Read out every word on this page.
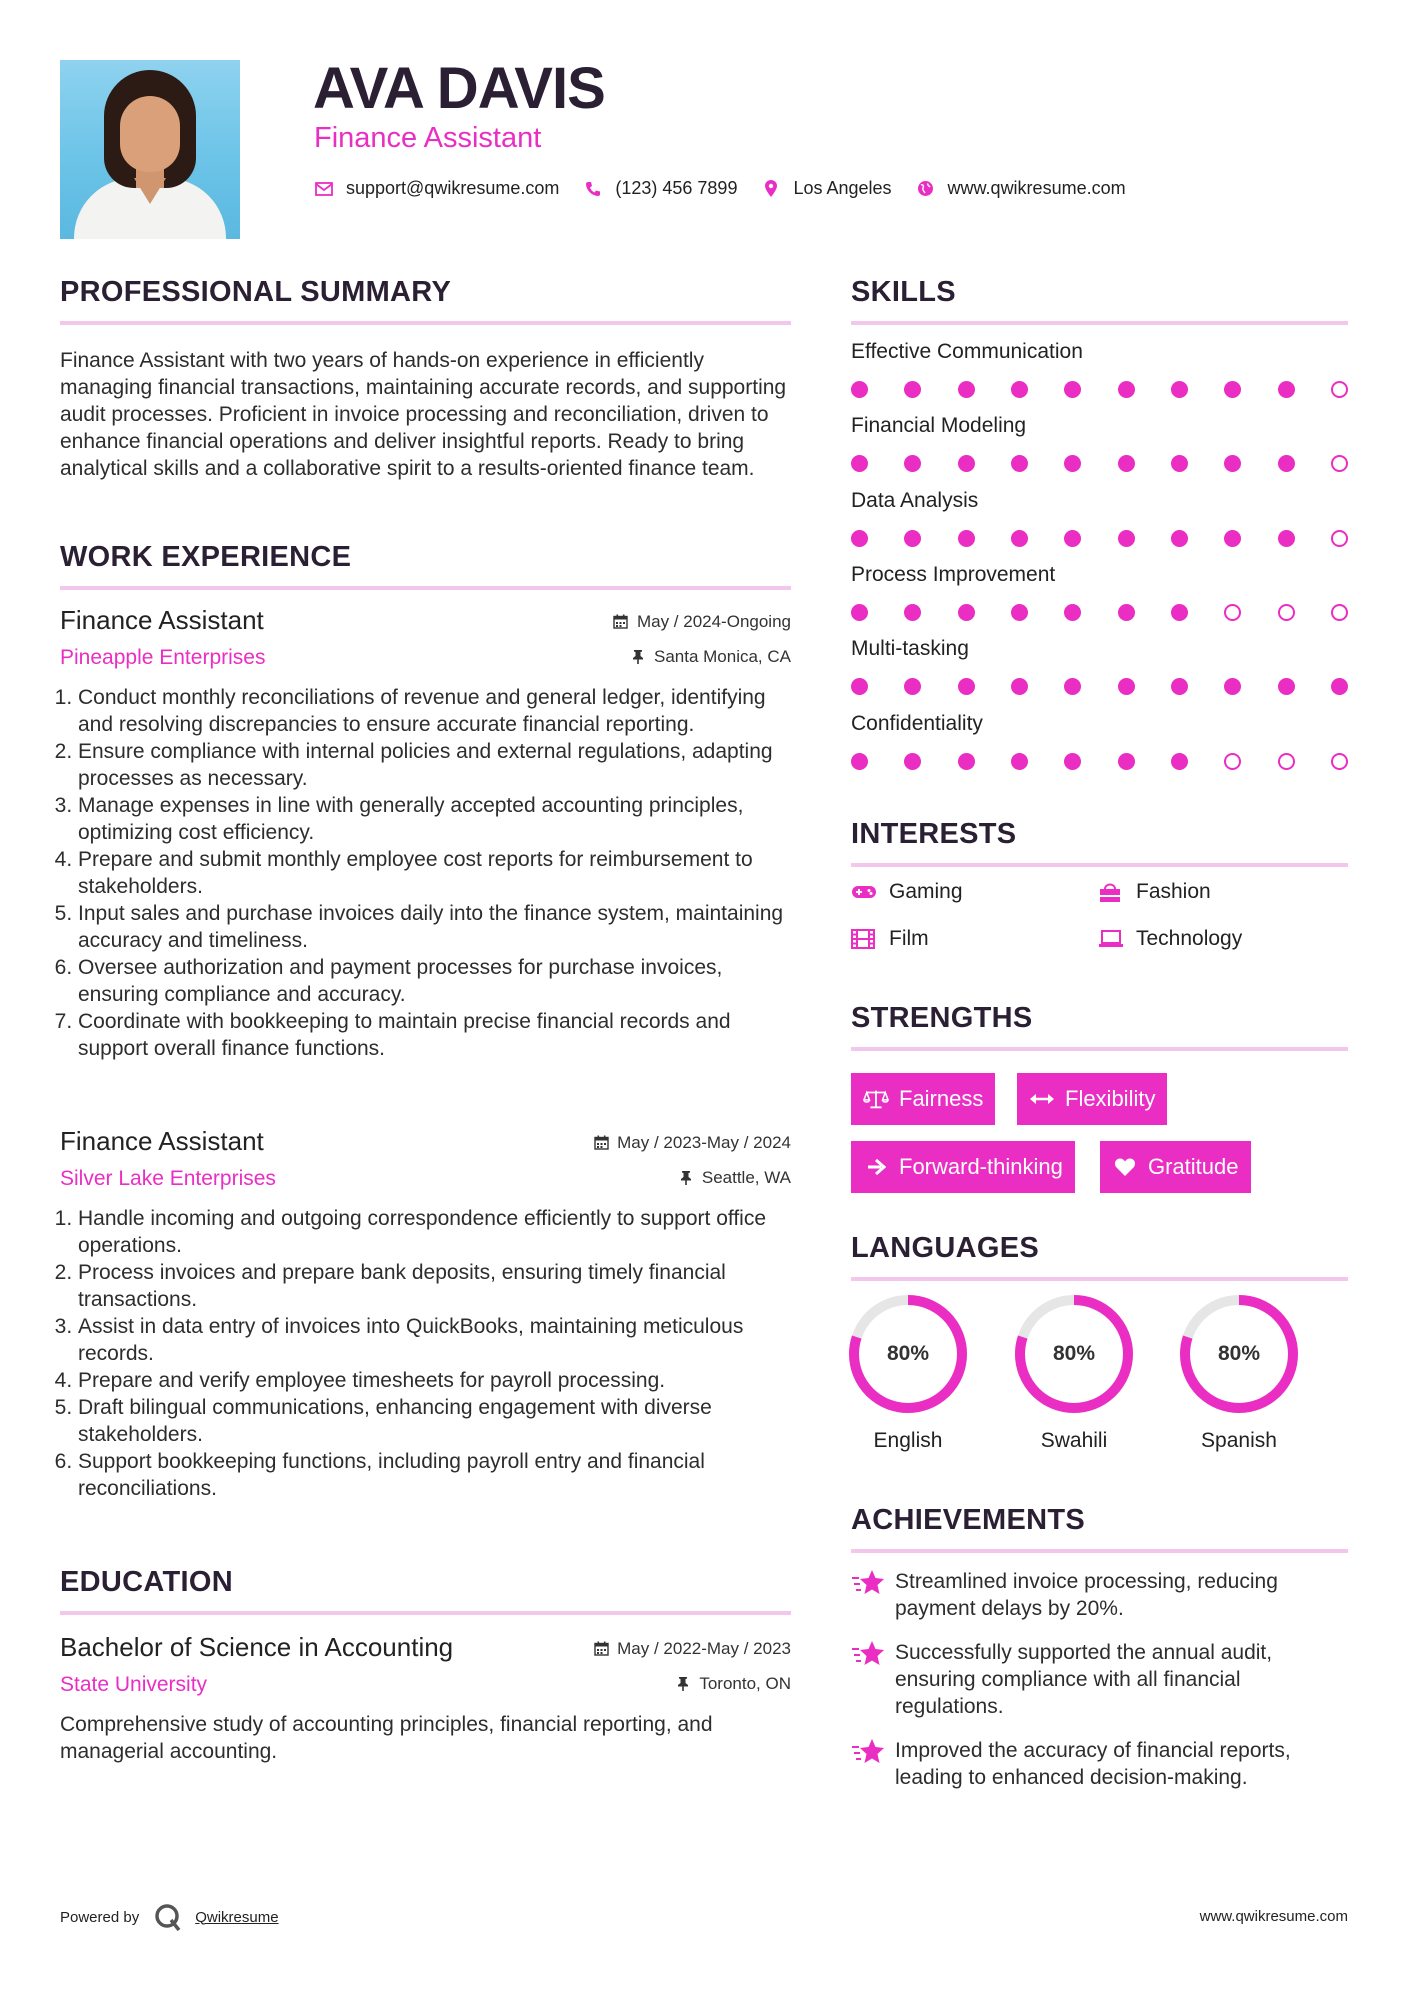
AVA DAVIS
Finance Assistant
support@qwikresume.com	(123) 456 7899	Los Angeles	www.qwikresume.com
PROFESSIONAL SUMMARY

Finance Assistant with two years of hands-on experience in efficiently managing financial transactions, maintaining accurate records, and supporting audit processes. Proficient in invoice processing and reconciliation, driven to enhance financial operations and deliver insightful reports. Ready to bring analytical skills and a collaborative spirit to a results-oriented finance team.

WORK EXPERIENCE
Finance Assistant	May / 2024-Ongoing
Pineapple Enterprises	Santa Monica, CA
1. Conduct monthly reconciliations of revenue and general ledger, identifying and resolving discrepancies to ensure accurate financial reporting.
2. Ensure compliance with internal policies and external regulations, adapting processes as necessary.
3. Manage expenses in line with generally accepted accounting principles, optimizing cost efficiency.
4. Prepare and submit monthly employee cost reports for reimbursement to stakeholders.
5. Input sales and purchase invoices daily into the finance system, maintaining accuracy and timeliness.
6. Oversee authorization and payment processes for purchase invoices, ensuring compliance and accuracy.
7. Coordinate with bookkeeping to maintain precise financial records and support overall finance functions.
Finance Assistant	May / 2023-May / 2024
Silver Lake Enterprises	Seattle, WA
1. Handle incoming and outgoing correspondence efficiently to support office operations.
2. Process invoices and prepare bank deposits, ensuring timely financial transactions.
3. Assist in data entry of invoices into QuickBooks, maintaining meticulous records.
4. Prepare and verify employee timesheets for payroll processing.
5. Draft bilingual communications, enhancing engagement with diverse stakeholders.
6. Support bookkeeping functions, including payroll entry and financial reconciliations.
EDUCATION
Bachelor of Science in Accounting	May / 2022-May / 2023
State University	Toronto, ON

Comprehensive study of accounting principles, financial reporting, and managerial accounting.

SKILLS
Effective Communication
Financial Modeling
Data Analysis
Process Improvement
Multi-tasking
Confidentiality
INTERESTS
Gaming	Fashion
Film	Technology
STRENGTHS
Fairness	Flexibility
Forward-thinking	Gratitude
LANGUAGES
80%
English
80%
Swahili
80%
Spanish
ACHIEVEMENTS
Streamlined invoice processing, reducing payment delays by 20%.
Successfully supported the annual audit, ensuring compliance with all financial regulations.
Improved the accuracy of financial reports, leading to enhanced decision-making.
Powered by	Qwikresume	www.qwikresume.com
